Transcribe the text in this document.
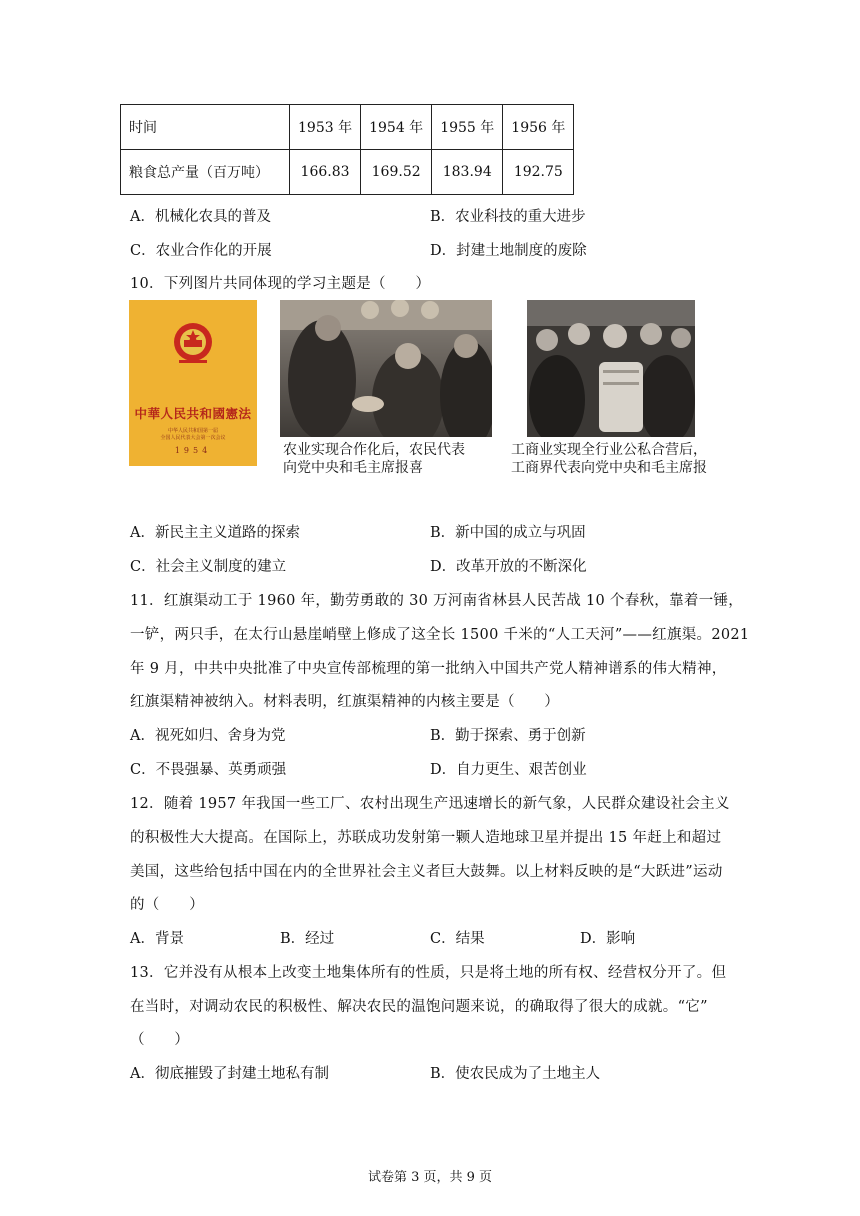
时间	1953 年	1954 年	1955 年	1956 年
粮食总产量（百万吨）	166.83	169.52	183.94	192.75
A．机械化农具的普及	B．农业科技的重大进步
C．农业合作化的开展	D．封建土地制度的废除
10．下列图片共同体现的学习主题是（　　）
中華人民共和國憲法
中华人民共和国第一届
全国人民代表大会第一次会议
1954	农业实现合作化后，农民代表
向党中央和毛主席报喜
工商业实现全行业公私合营后，
工商界代表向党中央和毛主席报
A．新民主主义道路的探索	B．新中国的成立与巩固
C．社会主义制度的建立	D．改革开放的不断深化
11．红旗渠动工于 1960 年，勤劳勇敢的 30 万河南省林县人民苦战 10 个春秋，靠着一锤，
一铲，两只手，在太行山悬崖峭壁上修成了这全长 1500 千米的“人工天河”——红旗渠。2021
年 9 月，中共中央批准了中央宣传部梳理的第一批纳入中国共产党人精神谱系的伟大精神，
红旗渠精神被纳入。材料表明，红旗渠精神的内核主要是（　　）
A．视死如归、舍身为党	B．勤于探索、勇于创新
C．不畏强暴、英勇顽强	D．自力更生、艰苦创业
12．随着 1957 年我国一些工厂、农村出现生产迅速增长的新气象，人民群众建设社会主义
的积极性大大提高。在国际上，苏联成功发射第一颗人造地球卫星并提出 15 年赶上和超过
美国，这些给包括中国在内的全世界社会主义者巨大鼓舞。以上材料反映的是“大跃进”运动
的（　　）
A．背景	B．经过	C．结果	D．影响
13．它并没有从根本上改变土地集体所有的性质，只是将土地的所有权、经营权分开了。但
在当时，对调动农民的积极性、解决农民的温饱问题来说，的确取得了很大的成就。“它”
（　　）
A．彻底摧毁了封建土地私有制	B．使农民成为了土地主人
试卷第 3 页，共 9 页
